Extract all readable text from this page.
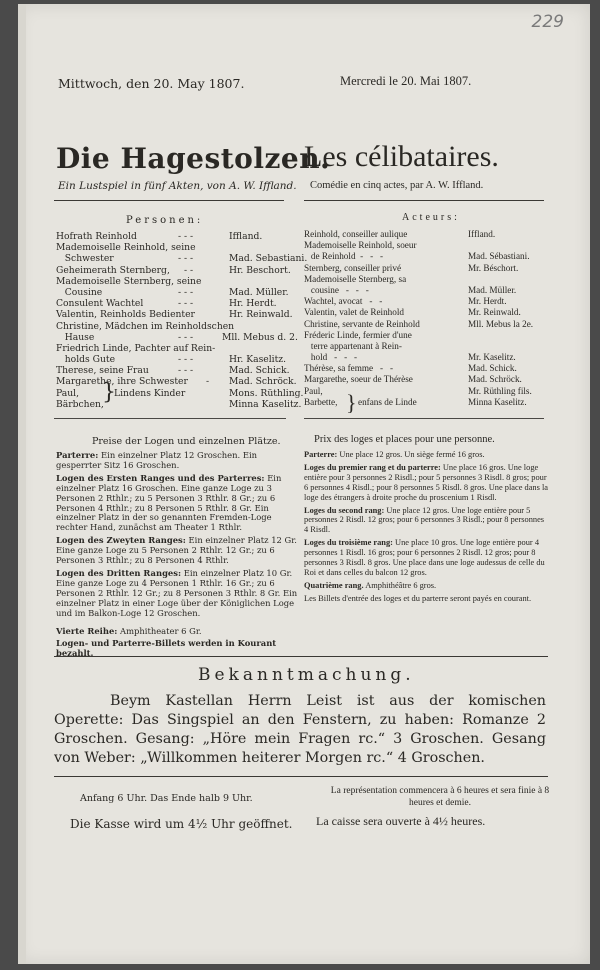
229
Mittwoch, den 20. May 1807.	Mercredi le 20. Mai 1807.
Die Hagestolzen.
Les célibataires.
Ein Lustspiel in fünf Akten, von A. W. Iffland. Comédie en cinq actes, par A. W. Iffland.
Personen:	Acteurs:
Hofrath Reinhold	- - -	Iffland.
Mademoiselle Reinhold, seine
Schwester	- - -	Mad. Sebastiani.
Geheimerath Sternberg, - -	Hr. Beschort.
Mademoiselle Sternberg, seine
Cousine	- - -	Mad. Müller.
Consulent Wachtel	- - -	Hr. Herdt.
Valentin, Reinholds Bedienter	Hr. Reinwald.
Christine, Mädchen im Reinholdschen
Hause	- - -	Mll. Mebus d. 2.
Friedrich Linde, Pachter auf Rein-
holds Gute	- - -	Hr. Kaselitz.
Therese, seine Frau	- - -	Mad. Schick.
Margarethe, ihre Schwester - Mad. Schröck.
Paul,	Mons. Rüthling.
Bärbchen,	Minna Kaselitz.
}
Lindens Kinder
Reinhold, conseiller aulique	Iffland.
Mademoiselle Reinhold, soeur
de Reinhold  -   -   -	Mad. Sébastiani.
Sternberg, conseiller privé	Mr. Béschort.
Mademoiselle Sternberg, sa
cousine   -   -   -	Mad. Müller.
Wachtel, avocat   -   -	Mr. Herdt.
Valentin, valet de Reinhold	Mr. Reinwald.
Christine, servante de Reinhold	Mll. Mebus la 2e.
Fréderic Linde, fermier d'une
terre appartenant à Rein-
hold   -   -   -	Mr. Kaselitz.
Thérèse, sa femme   -   -	Mad. Schick.
Margarethe, soeur de Thérèse	Mad. Schröck.
Paul,	Mr. Rüthling fils.
Barbette,	Minna Kaselitz.
} enfans de Linde
Preise der Logen und einzelnen Plätze.	Prix des loges et places pour une personne.

Parterre: Ein einzelner Platz 12 Groschen. Ein gesperrter Sitz 16 Groschen.

Logen des Ersten Ranges und des Parterres: Ein einzelner Platz 16 Groschen. Eine ganze Loge zu 3 Personen 2 Rthlr.; zu 5 Personen 3 Rthlr. 8 Gr.; zu 6 Personen 4 Rthlr.; zu 8 Personen 5 Rthlr. 8 Gr. Ein einzelner Platz in der so genannten Fremden-Loge rechter Hand, zunächst am Theater 1 Rthlr.

Logen des Zweyten Ranges: Ein einzelner Platz 12 Gr. Eine ganze Loge zu 5 Personen 2 Rthlr. 12 Gr.; zu 6 Personen 3 Rthlr.; zu 8 Personen 4 Rthlr.

Logen des Dritten Ranges: Ein einzelner Platz 10 Gr. Eine ganze Loge zu 4 Personen 1 Rthlr. 16 Gr.; zu 6 Personen 2 Rthlr. 12 Gr.; zu 8 Personen 3 Rthlr. 8 Gr. Ein einzelner Platz in einer Loge über der Königlichen Loge und im Balkon-Loge 12 Groschen.

Vierte Reihe: Amphitheater 6 Gr.

Logen- und Parterre-Billets werden in Kourant bezahlt.

Parterre: Une place 12 gros. Un siège fermé 16 gros.

Loges du premier rang et du parterre: Une place 16 gros. Une loge entière pour 3 personnes 2 Risdl.; pour 5 personnes 3 Risdl. 8 gros; pour 6 personnes 4 Risdl.; pour 8 personnes 5 Risdl. 8 gros. Une place dans la loge des étrangers à droite proche du proscenium 1 Risdl.

Loges du second rang: Une place 12 gros. Une loge entière pour 5 personnes 2 Risdl. 12 gros; pour 6 personnes 3 Risdl.; pour 8 personnes 4 Risdl.

Loges du troisième rang: Une place 10 gros. Une loge entière pour 4 personnes 1 Risdl. 16 gros; pour 6 personnes 2 Risdl. 12 gros; pour 8 personnes 3 Risdl. 8 gros. Une place dans une loge audessus de celle du Roi et dans celles du balcon 12 gros.

Quatrième rang. Amphithéâtre 6 gros.

Les Billets d'entrée des loges et du parterre seront payés en courant.

Bekanntmachung.
Beym Kastellan Herrn Leist ist aus der komischen Operette: Das Singspiel an den Fenstern, zu haben: Romanze 2 Groschen. Gesang: „Höre mein Fragen rc.“ 3 Groschen. Gesang von Weber: „Willkommen heiterer Morgen rc.“ 4 Groschen.
Anfang 6 Uhr. Das Ende halb 9 Uhr.
La représentation commencera à 6 heures et sera finie à 8 heures et demie.
Die Kasse wird um 4½ Uhr geöffnet. La caisse sera ouverte à 4½ heures.
